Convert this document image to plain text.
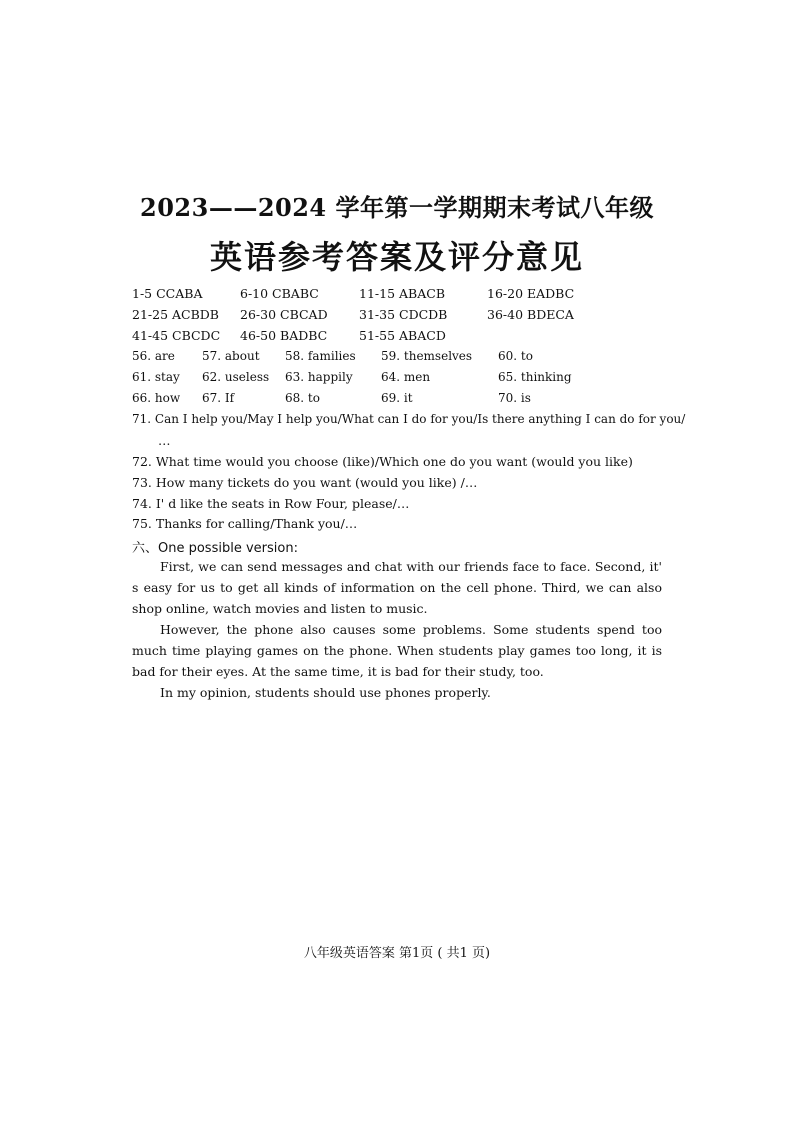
2023——2024 学年第一学期期末考试八年级
英语参考答案及评分意见
1-5 CCABA	6-10 CBABC	11-15 ABACB	16-20 EADBC
21-25 ACBDB 26-30 CBCAD	31-35 CDCDB	36-40 BDECA
41-45 CBCDC 46-50 BADBC	51-55 ABACD
56. are 57. about 58. families 59. themselves 60. to
61. stay 62. useless 63. happily 64. men	65. thinking
66. how 67. If	68. to	69. it	70. is
71. Can I help you/May I help you/What can I do for you/Is there anything I can do for you/
…
72. What time would you choose (like)/Which one do you want (would you like)
73. How many tickets do you want (would you like) /…
74. I' d like the seats in Row Four, please/…
75. Thanks for calling/Thank you/…
六、One possible version:
First, we can send messages and chat with our friends face to face. Second, it' s easy for us to get all kinds of information on the cell phone. Third, we can also shop online, watch movies and listen to music.
However, the phone also causes some problems. Some students spend too much time playing games on the phone. When students play games too long, it is bad for their eyes. At the same time, it is bad for their study, too.
In my opinion, students should use phones properly.
八年级英语答案 第1页 ( 共1 页)
